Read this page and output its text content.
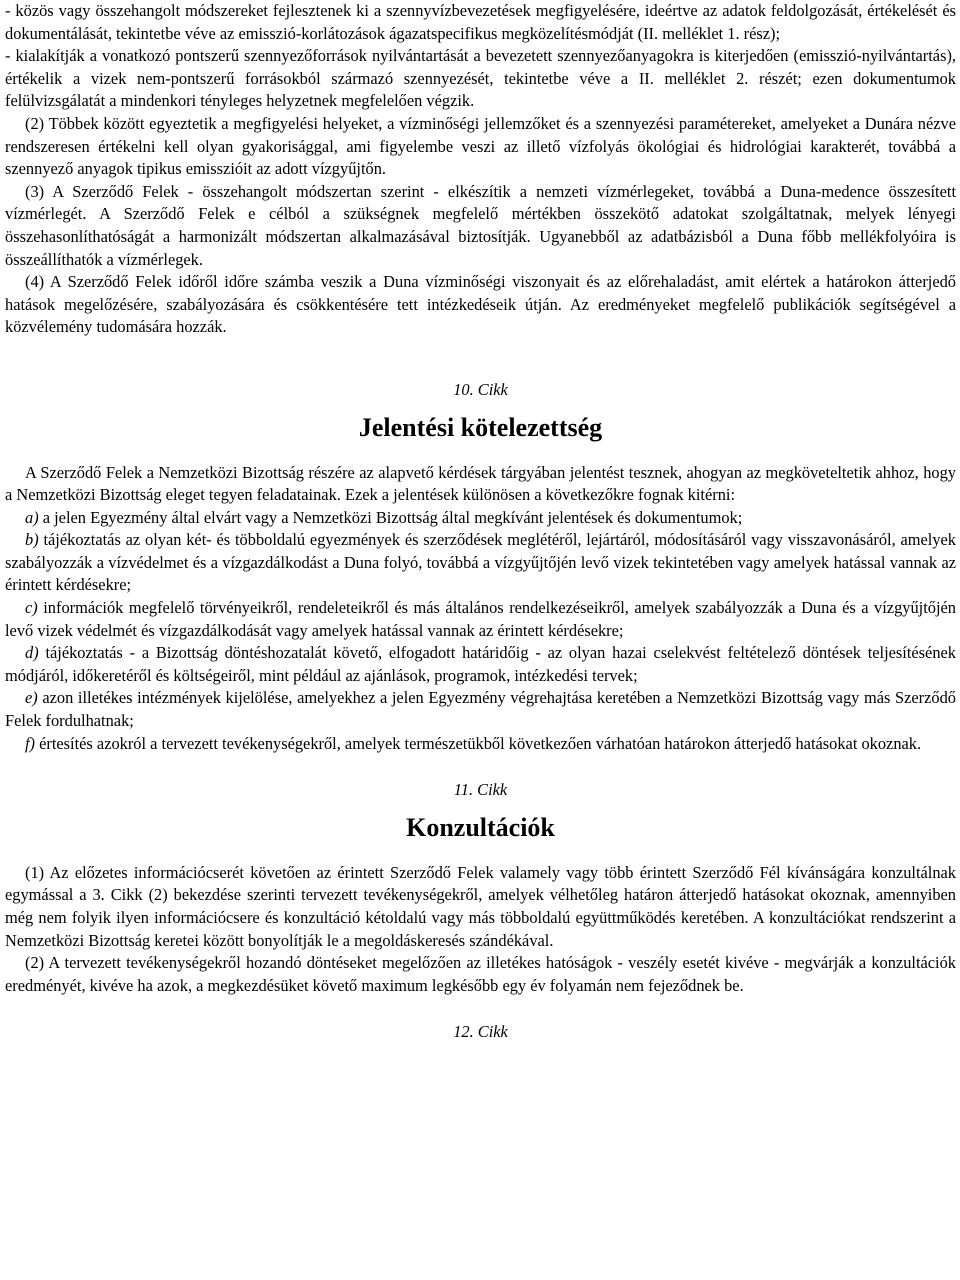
- közös vagy összehangolt módszereket fejlesztenek ki a szennyvízbevezetések megfigyelésére, ideértve az adatok feldolgozását, értékelését és dokumentálását, tekintetbe véve az emisszió-korlátozások ágazatspecifikus megközelítésmódját (II. melléklet 1. rész);

- kialakítják a vonatkozó pontszerű szennyezőforrások nyilvántartását a bevezetett szennyezőanyagokra is kiterjedően (emisszió-nyilvántartás), értékelik a vizek nem-pontszerű forrásokból származó szennyezését, tekintetbe véve a II. melléklet 2. részét; ezen dokumentumok felülvizsgálatát a mindenkori tényleges helyzetnek megfelelően végzik.

(2) Többek között egyeztetik a megfigyelési helyeket, a vízminőségi jellemzőket és a szennyezési paramétereket, amelyeket a Dunára nézve rendszeresen értékelni kell olyan gyakorisággal, ami figyelembe veszi az illető vízfolyás ökológiai és hidrológiai karakterét, továbbá a szennyező anyagok tipikus emisszióit az adott vízgyűjtőn.

(3) A Szerződő Felek - összehangolt módszertan szerint - elkészítik a nemzeti vízmérlegeket, továbbá a Duna-medence összesített vízmérlegét. A Szerződő Felek e célból a szükségnek megfelelő mértékben összekötő adatokat szolgáltatnak, melyek lényegi összehasonlíthatóságát a harmonizált módszertan alkalmazásával biztosítják. Ugyanebből az adatbázisból a Duna főbb mellékfolyóira is összeállíthatók a vízmérlegek.

(4) A Szerződő Felek időről időre számba veszik a Duna vízminőségi viszonyait és az előrehaladást, amit elértek a határokon átterjedő hatások megelőzésére, szabályozására és csökkentésére tett intézkedéseik útján. Az eredményeket megfelelő publikációk segítségével a közvélemény tudomására hozzák.

10. Cikk

Jelentési kötelezettség

A Szerződő Felek a Nemzetközi Bizottság részére az alapvető kérdések tárgyában jelentést tesznek, ahogyan az megköveteltetik ahhoz, hogy a Nemzetközi Bizottság eleget tegyen feladatainak. Ezek a jelentések különösen a következőkre fognak kitérni:

a) a jelen Egyezmény által elvárt vagy a Nemzetközi Bizottság által megkívánt jelentések és dokumentumok;

b) tájékoztatás az olyan két- és többoldalú egyezmények és szerződések meglétéről, lejártáról, módosításáról vagy visszavonásáról, amelyek szabályozzák a vízvédelmet és a vízgazdálkodást a Duna folyó, továbbá a vízgyűjtőjén levő vizek tekintetében vagy amelyek hatással vannak az érintett kérdésekre;

c) információk megfelelő törvényeikről, rendeleteikről és más általános rendelkezéseikről, amelyek szabályozzák a Duna és a vízgyűjtőjén levő vizek védelmét és vízgazdálkodását vagy amelyek hatással vannak az érintett kérdésekre;

d) tájékoztatás - a Bizottság döntéshozatalát követő, elfogadott határidőig - az olyan hazai cselekvést feltételező döntések teljesítésének módjáról, időkeretéről és költségeiről, mint például az ajánlások, programok, intézkedési tervek;

e) azon illetékes intézmények kijelölése, amelyekhez a jelen Egyezmény végrehajtása keretében a Nemzetközi Bizottság vagy más Szerződő Felek fordulhatnak;

f) értesítés azokról a tervezett tevékenységekről, amelyek természetükből következően várhatóan határokon átterjedő hatásokat okoznak.

11. Cikk

Konzultációk

(1) Az előzetes információcserét követően az érintett Szerződő Felek valamely vagy több érintett Szerződő Fél kívánságára konzultálnak egymással a 3. Cikk (2) bekezdése szerinti tervezett tevékenységekről, amelyek vélhetőleg határon átterjedő hatásokat okoznak, amennyiben még nem folyik ilyen információcsere és konzultáció kétoldalú vagy más többoldalú együttműködés keretében. A konzultációkat rendszerint a Nemzetközi Bizottság keretei között bonyolítják le a megoldáskeresés szándékával.

(2) A tervezett tevékenységekről hozandó döntéseket megelőzően az illetékes hatóságok - veszély esetét kivéve - megvárják a konzultációk eredményét, kivéve ha azok, a megkezdésüket követő maximum legkésőbb egy év folyamán nem fejeződnek be.

12. Cikk
